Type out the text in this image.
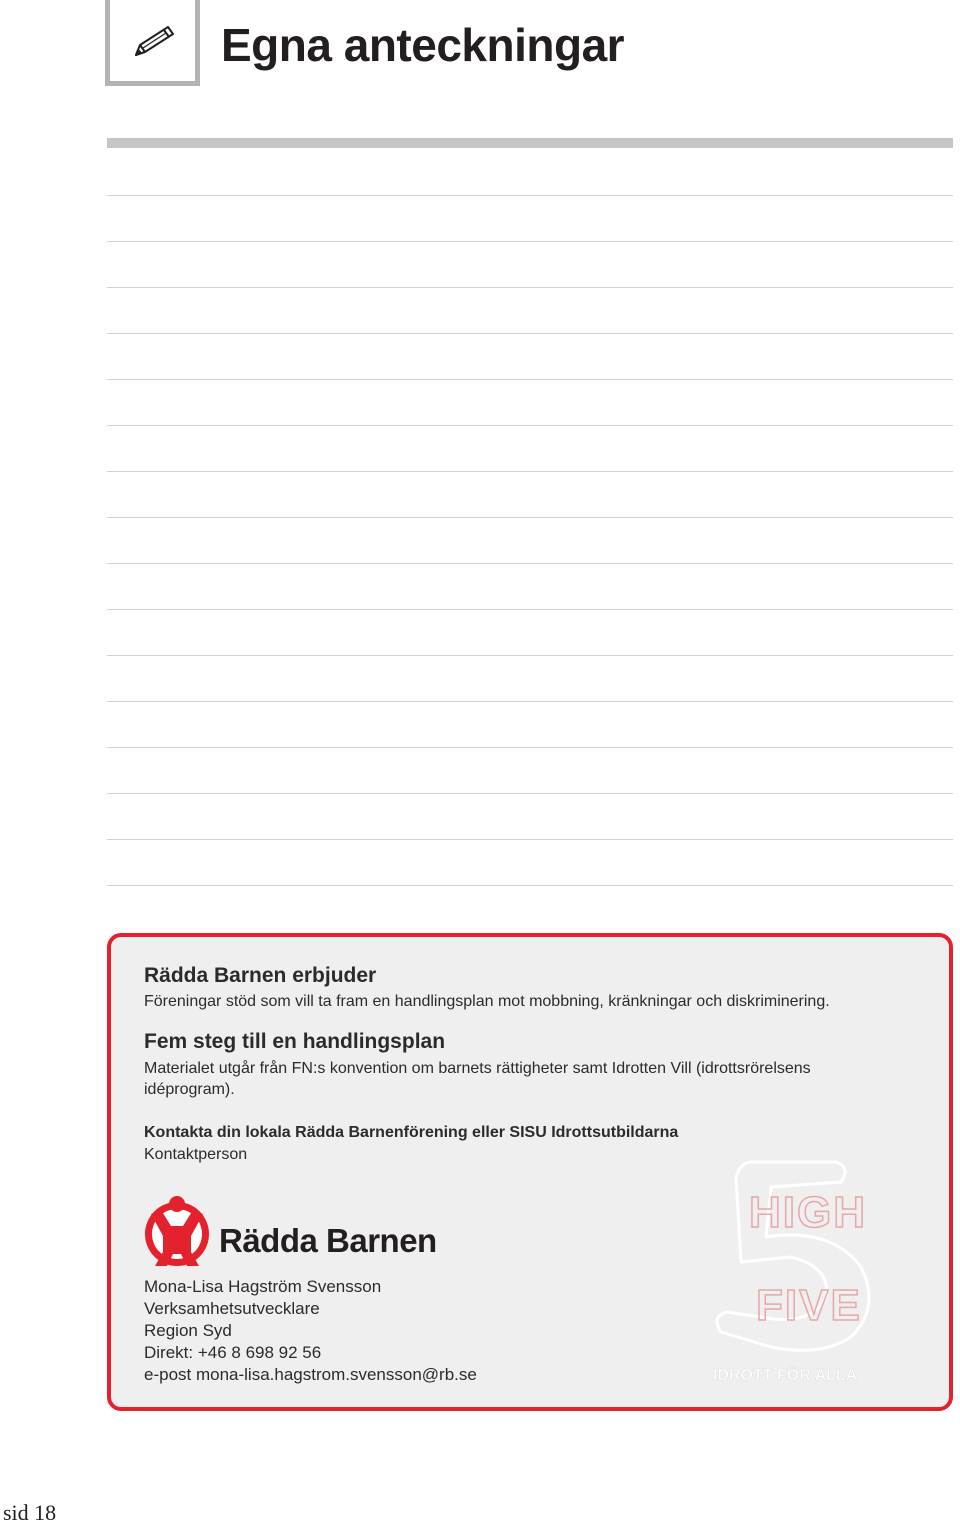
Egna anteckningar
Rädda Barnen erbjuder
Föreningar stöd som vill ta fram en handlingsplan mot mobbning, kränkningar och diskriminering.
Fem steg till en handlingsplan
Materialet utgår från FN:s konvention om barnets rättigheter samt Idrotten Vill (idrottsrörelsens idéprogram).
Kontakta din lokala Rädda Barnenförening eller SISU Idrottsutbildarna
Kontaktperson
Rädda Barnen
Mona-Lisa Hagström Svensson
Verksamhetsutvecklare
Region Syd
Direkt: +46 8 698 92 56
e-post mona-lisa.hagstrom.svensson@rb.se
HIGH
FIVE
IDROTT FÖR ALLA
sid 18
